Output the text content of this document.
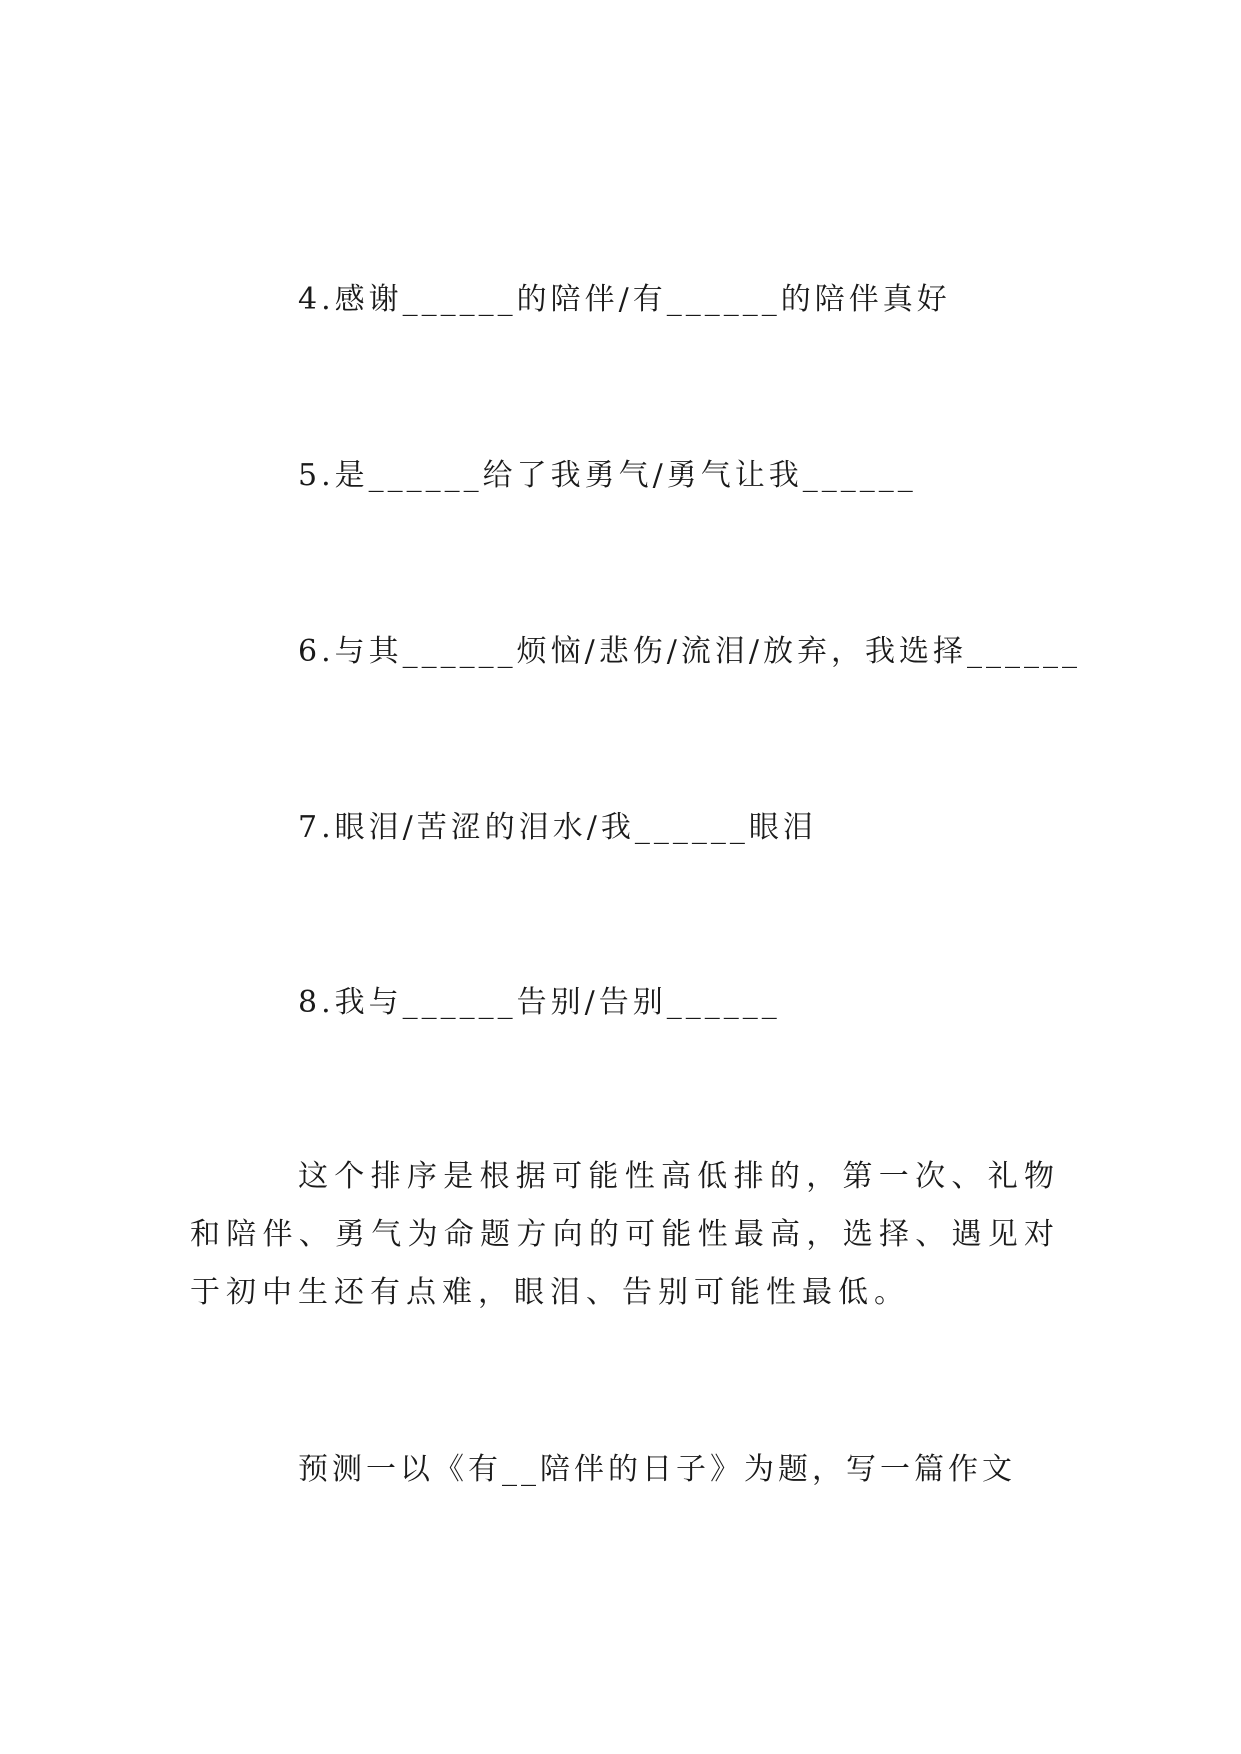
4.感谢______的陪伴/有______的陪伴真好

5.是______给了我勇气/勇气让我______

6.与其______烦恼/悲伤/流泪/放弃，我选择______

7.眼泪/苦涩的泪水/我______眼泪

8.我与______告别/告别______

这个排序是根据可能性高低排的，第一次、礼物和陪伴、勇气为命题方向的可能性最高，选择、遇见对于初中生还有点难，眼泪、告别可能性最低。

预测一以《有__陪伴的日子》为题，写一篇作文
